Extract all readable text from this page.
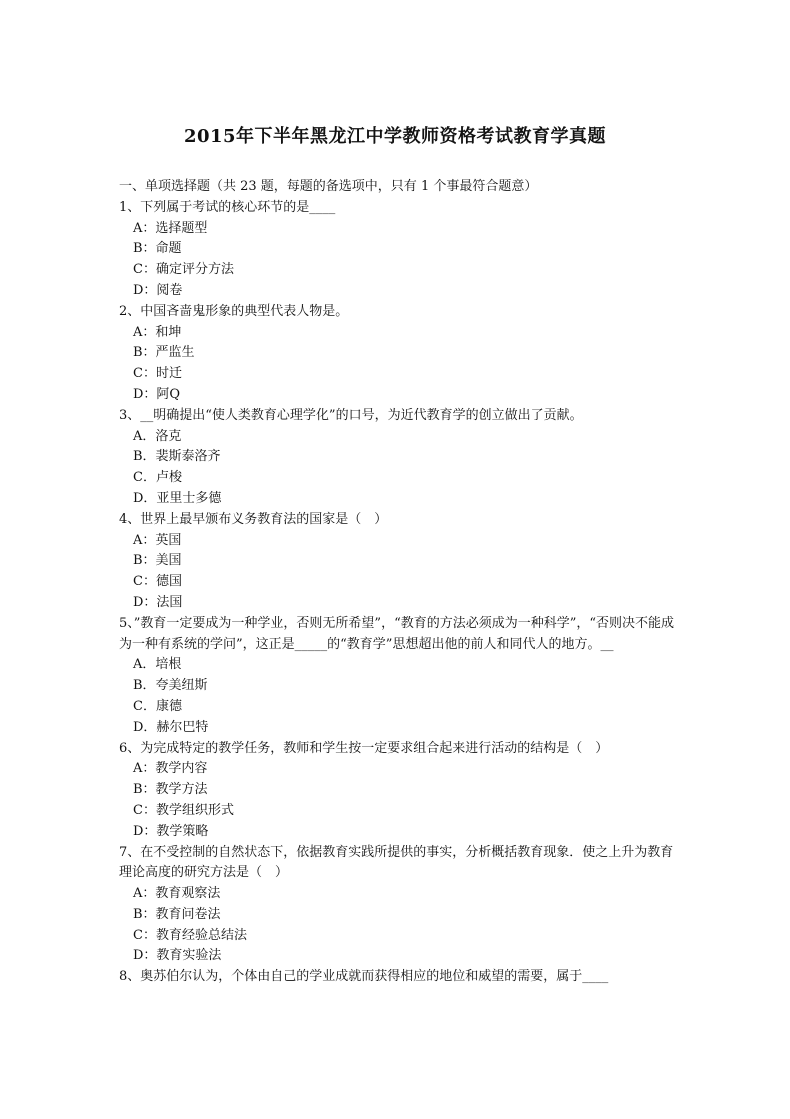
2015年下半年黑龙江中学教师资格考试教育学真题
一、单项选择题（共 23 题，每题的备选项中，只有 1 个事最符合题意）
1、下列属于考试的核心环节的是____
A：选择题型
B：命题
C：确定评分方法
D：阅卷
2、中国吝啬鬼形象的典型代表人物是。
A：和坤
B：严监生
C：时迁
D：阿Q
3、__明确提出“使人类教育心理学化”的口号，为近代教育学的创立做出了贡献。
A．洛克
B．裴斯泰洛齐
C．卢梭
D．亚里士多德
4、世界上最早颁布义务教育法的国家是（　）
A：英国
B：美国
C：德国
D：法国
5、”教育一定要成为一种学业，否则无所希望”，“教育的方法必须成为一种科学”，“否则决不能成为一种有系统的学问”，这正是_____的“教育学”思想超出他的前人和同代人的地方。__
A．培根
B．夸美纽斯
C．康德
D．赫尔巴特
6、为完成特定的教学任务，教师和学生按一定要求组合起来进行活动的结构是（　）
A：教学内容
B：教学方法
C：教学组织形式
D：教学策略
7、在不受控制的自然状态下，依据教育实践所提供的事实，分析概括教育现象．使之上升为教育理论高度的研究方法是（　）
A：教育观察法
B：教育问卷法
C：教育经验总结法
D：教育实验法
8、奥苏伯尔认为，个体由自己的学业成就而获得相应的地位和威望的需要，属于____
